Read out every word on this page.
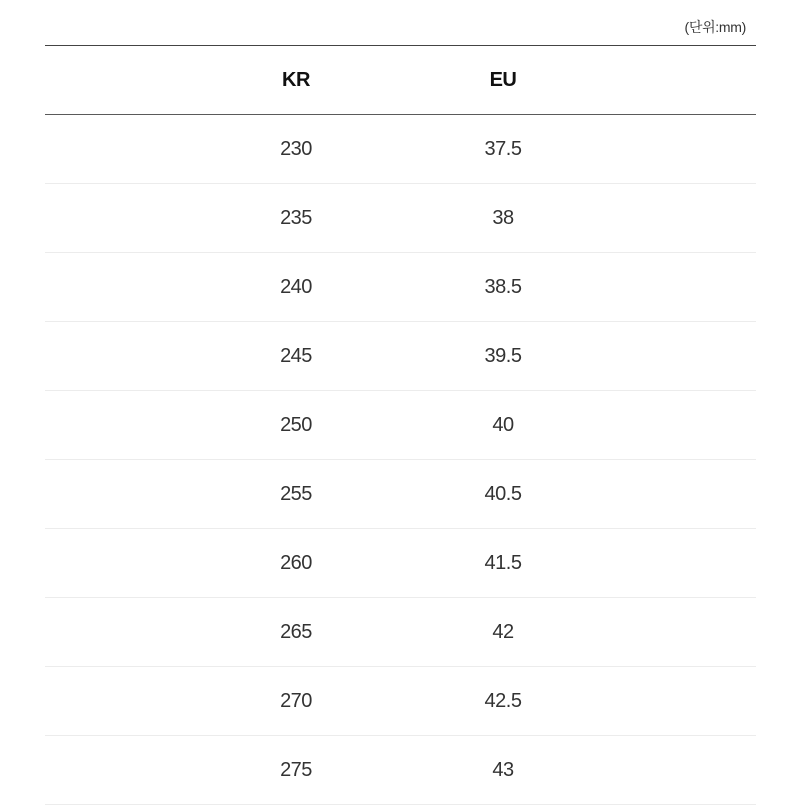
(단위:mm)
KR	EU
230	37.5
235	38
240	38.5
245	39.5
250	40
255	40.5
260	41.5
265	42
270	42.5
275	43
